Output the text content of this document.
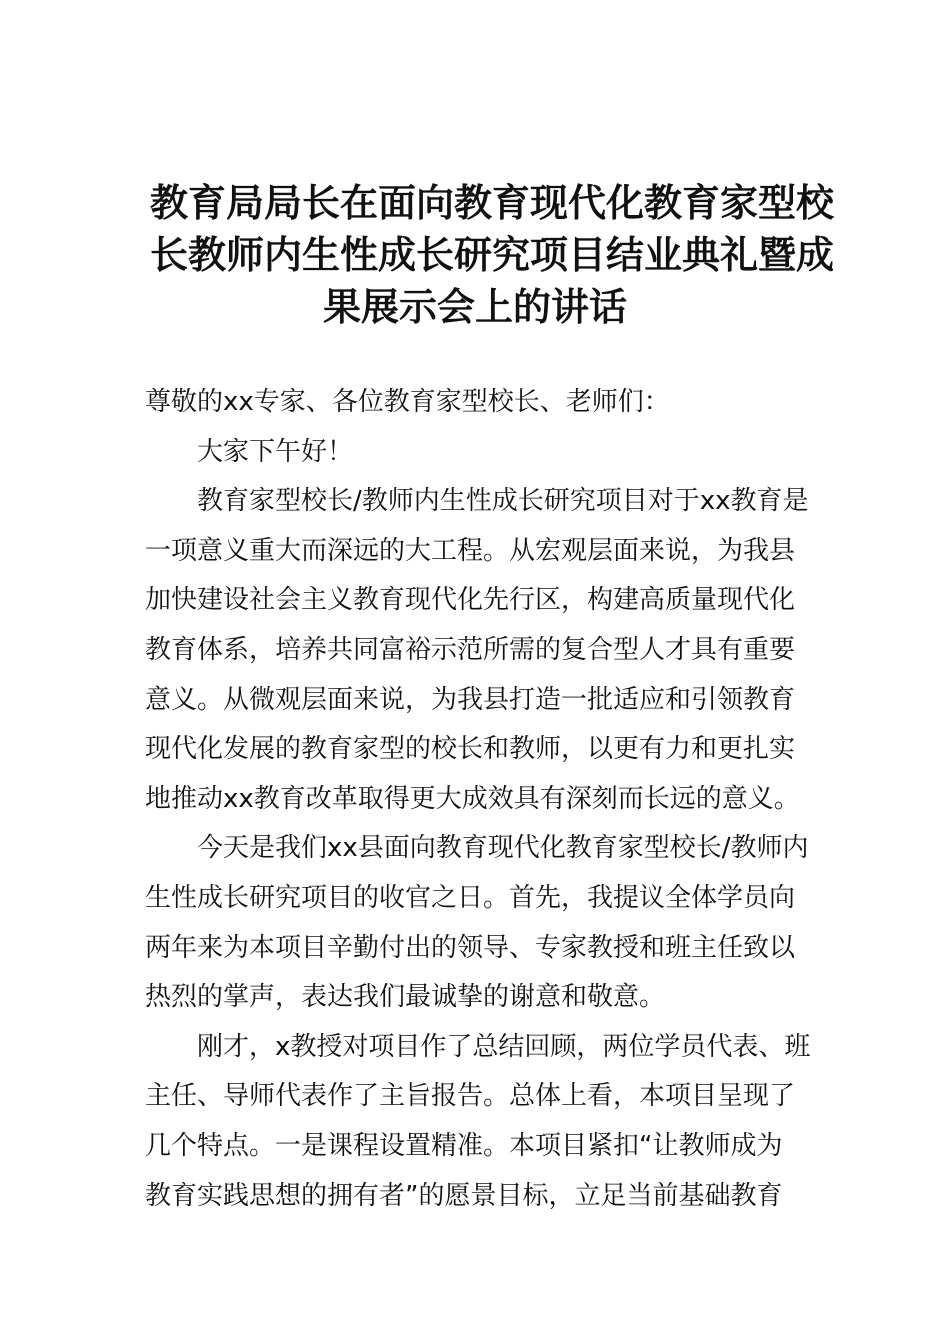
教育局局长在面向教育现代化教育家型校
长教师内生性成长研究项目结业典礼暨成
果展示会上的讲话
尊敬的xx专家、各位教育家型校长、老师们：
大家下午好！
教育家型校长/教师内生性成长研究项目对于xx教育是
一项意义重大而深远的大工程。从宏观层面来说，为我县
加快建设社会主义教育现代化先行区，构建高质量现代化
教育体系，培养共同富裕示范所需的复合型人才具有重要
意义。从微观层面来说，为我县打造一批适应和引领教育
现代化发展的教育家型的校长和教师，以更有力和更扎实
地推动xx教育改革取得更大成效具有深刻而长远的意义。
今天是我们xx县面向教育现代化教育家型校长/教师内
生性成长研究项目的收官之日。首先，我提议全体学员向
两年来为本项目辛勤付出的领导、专家教授和班主任致以
热烈的掌声，表达我们最诚挚的谢意和敬意。
刚才，x教授对项目作了总结回顾，两位学员代表、班
主任、导师代表作了主旨报告。总体上看，本项目呈现了
几个特点。一是课程设置精准。本项目紧扣“让教师成为
教育实践思想的拥有者”的愿景目标，立足当前基础教育
